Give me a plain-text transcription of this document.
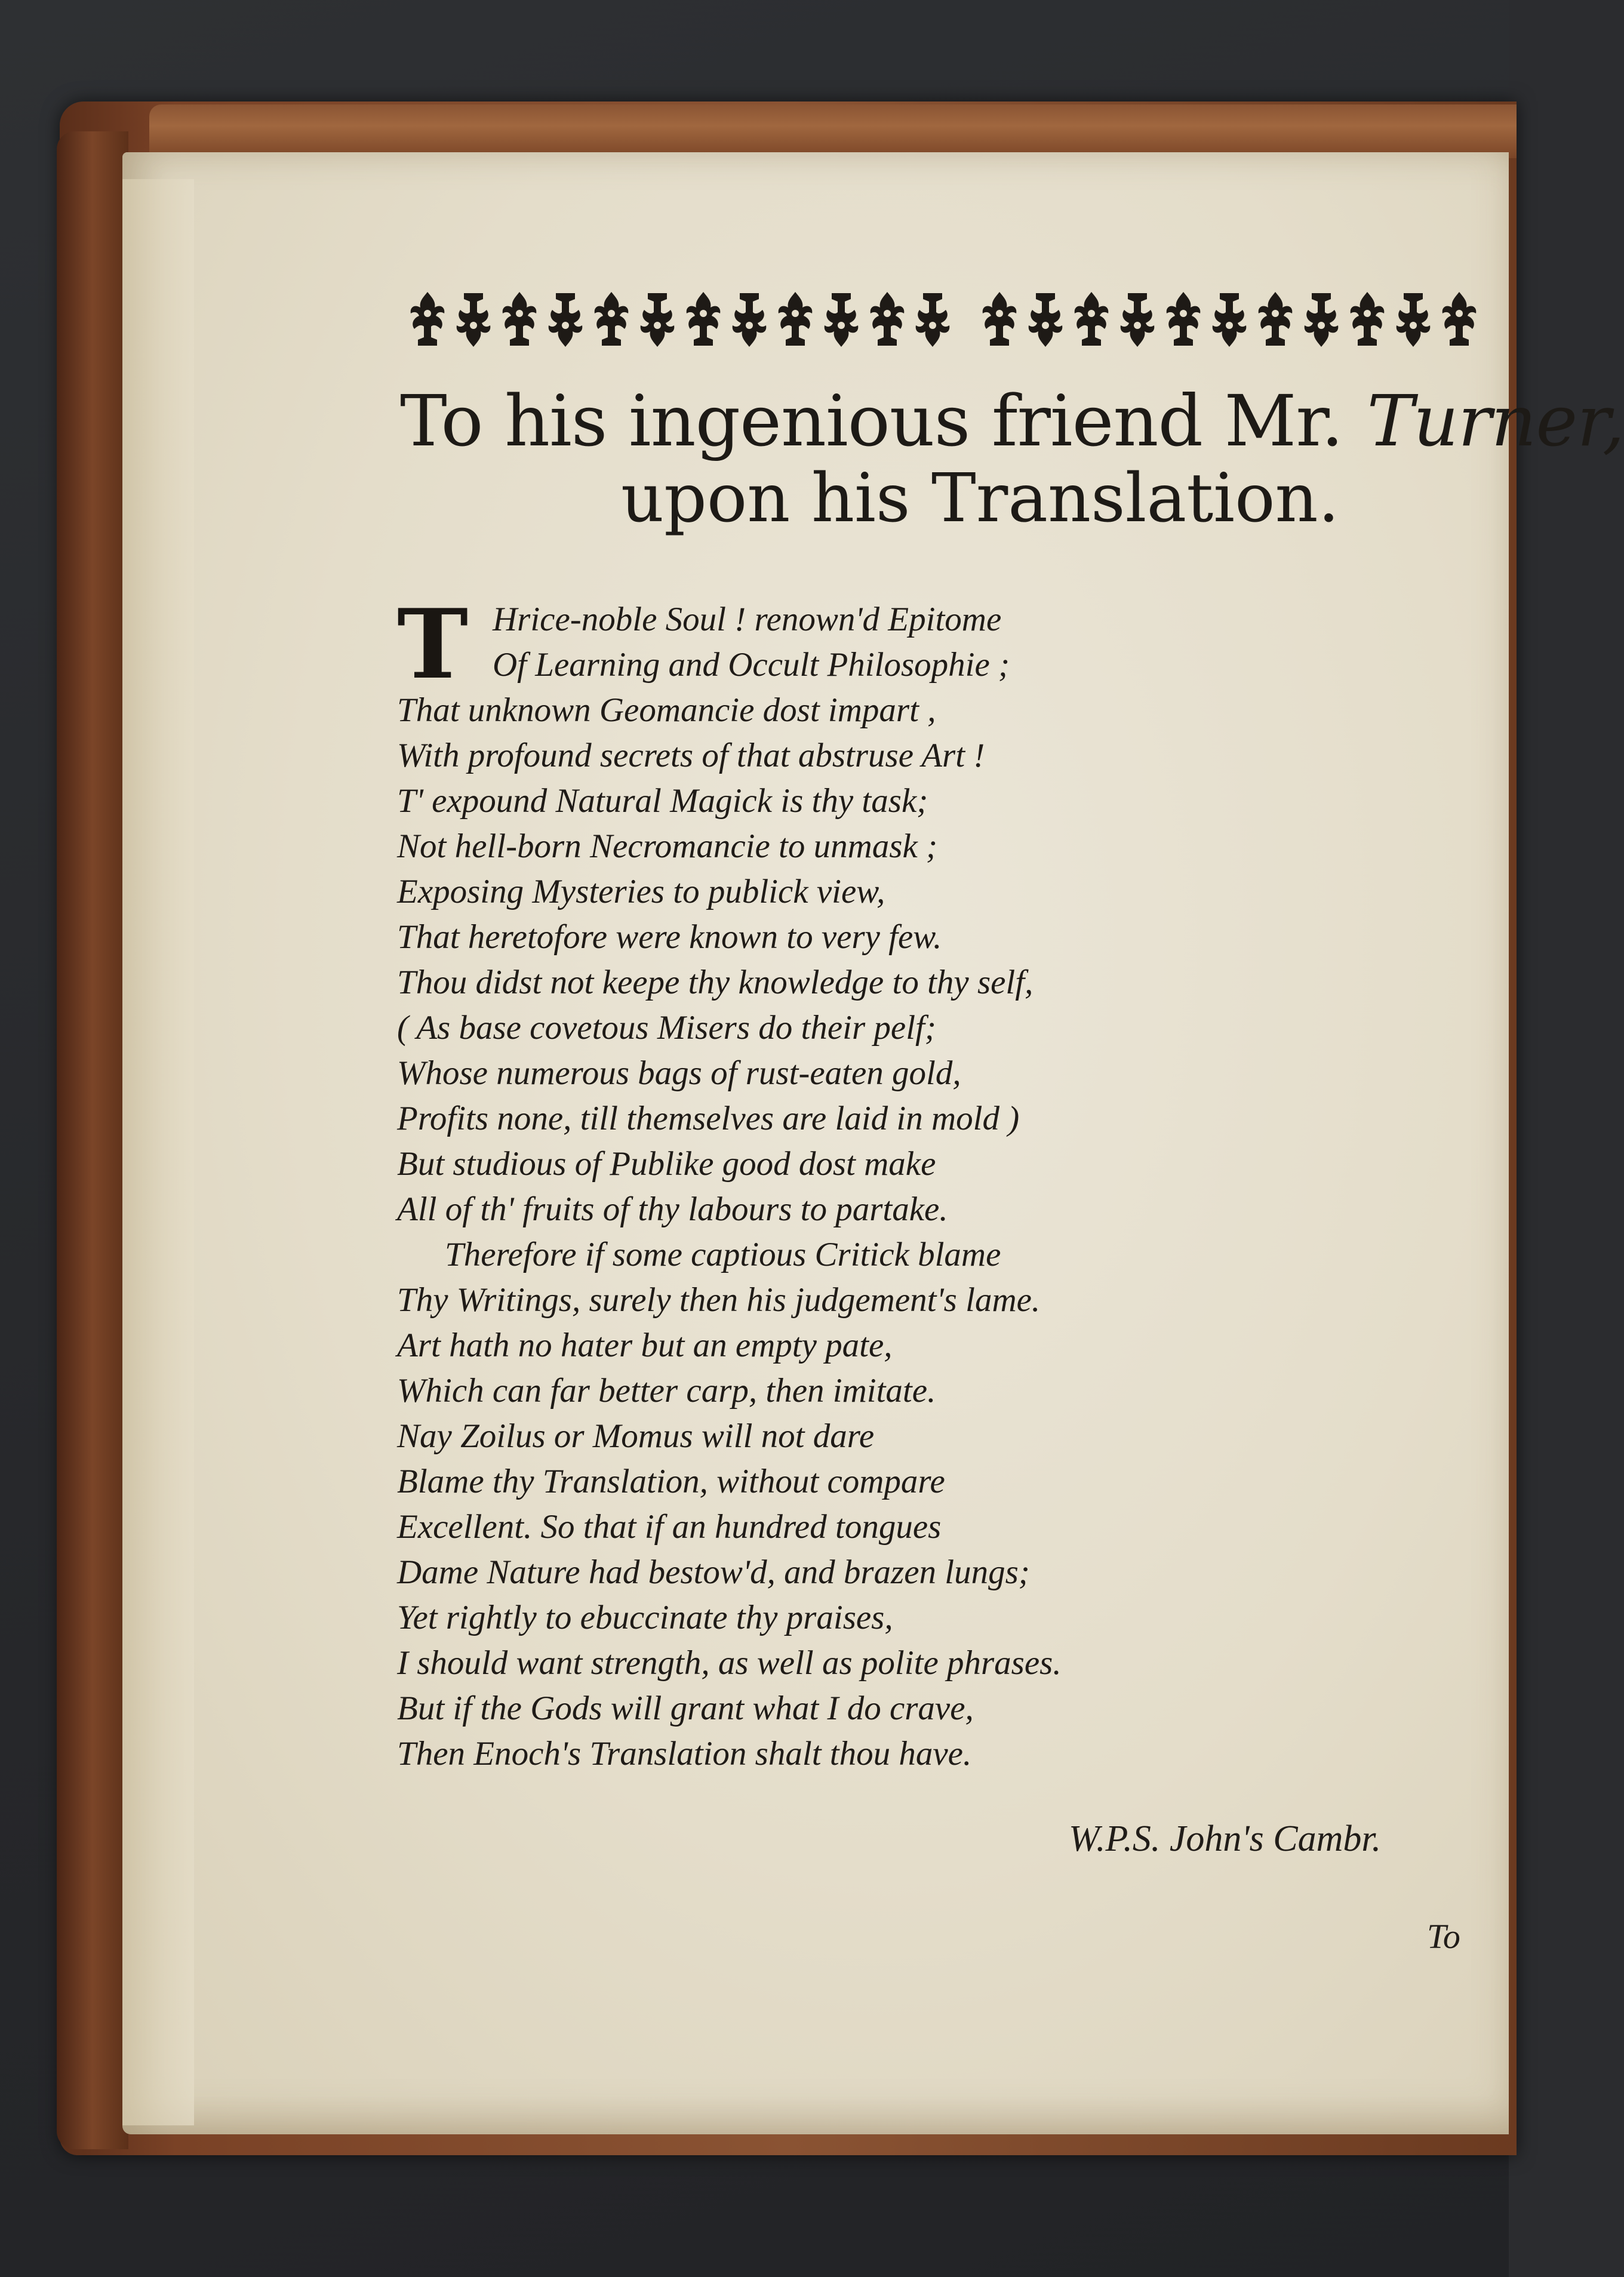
To his ingenious friend Mr. Turner,
upon his Translation.
T Hrice-noble Soul ! renown'd Epitome
Of Learning and Occult Philosophie ;
That unknown Geomancie dost impart ,
With profound secrets of that abstruse Art !
T' expound Natural Magick is thy task;
Not hell-born Necromancie to unmask ;
Exposing Mysteries to publick view,
That heretofore were known to very few.
Thou didst not keepe thy knowledge to thy self,
( As base covetous Misers do their pelf;
Whose numerous bags of rust-eaten gold,
Profits none, till themselves are laid in mold )
But studious of Publike good dost make
All of th' fruits of thy labours to partake.
Therefore if some captious Critick blame
Thy Writings, surely then his judgement's lame.
Art hath no hater but an empty pate,
Which can far better carp, then imitate.
Nay Zoilus or Momus will not dare
Blame thy Translation, without compare
Excellent. So that if an hundred tongues
Dame Nature had bestow'd, and brazen lungs;
Yet rightly to ebuccinate thy praises,
I should want strength, as well as polite phrases.
But if the Gods will grant what I do crave,
Then Enoch's Translation shalt thou have.
W.P.S. John's Cambr.
To
